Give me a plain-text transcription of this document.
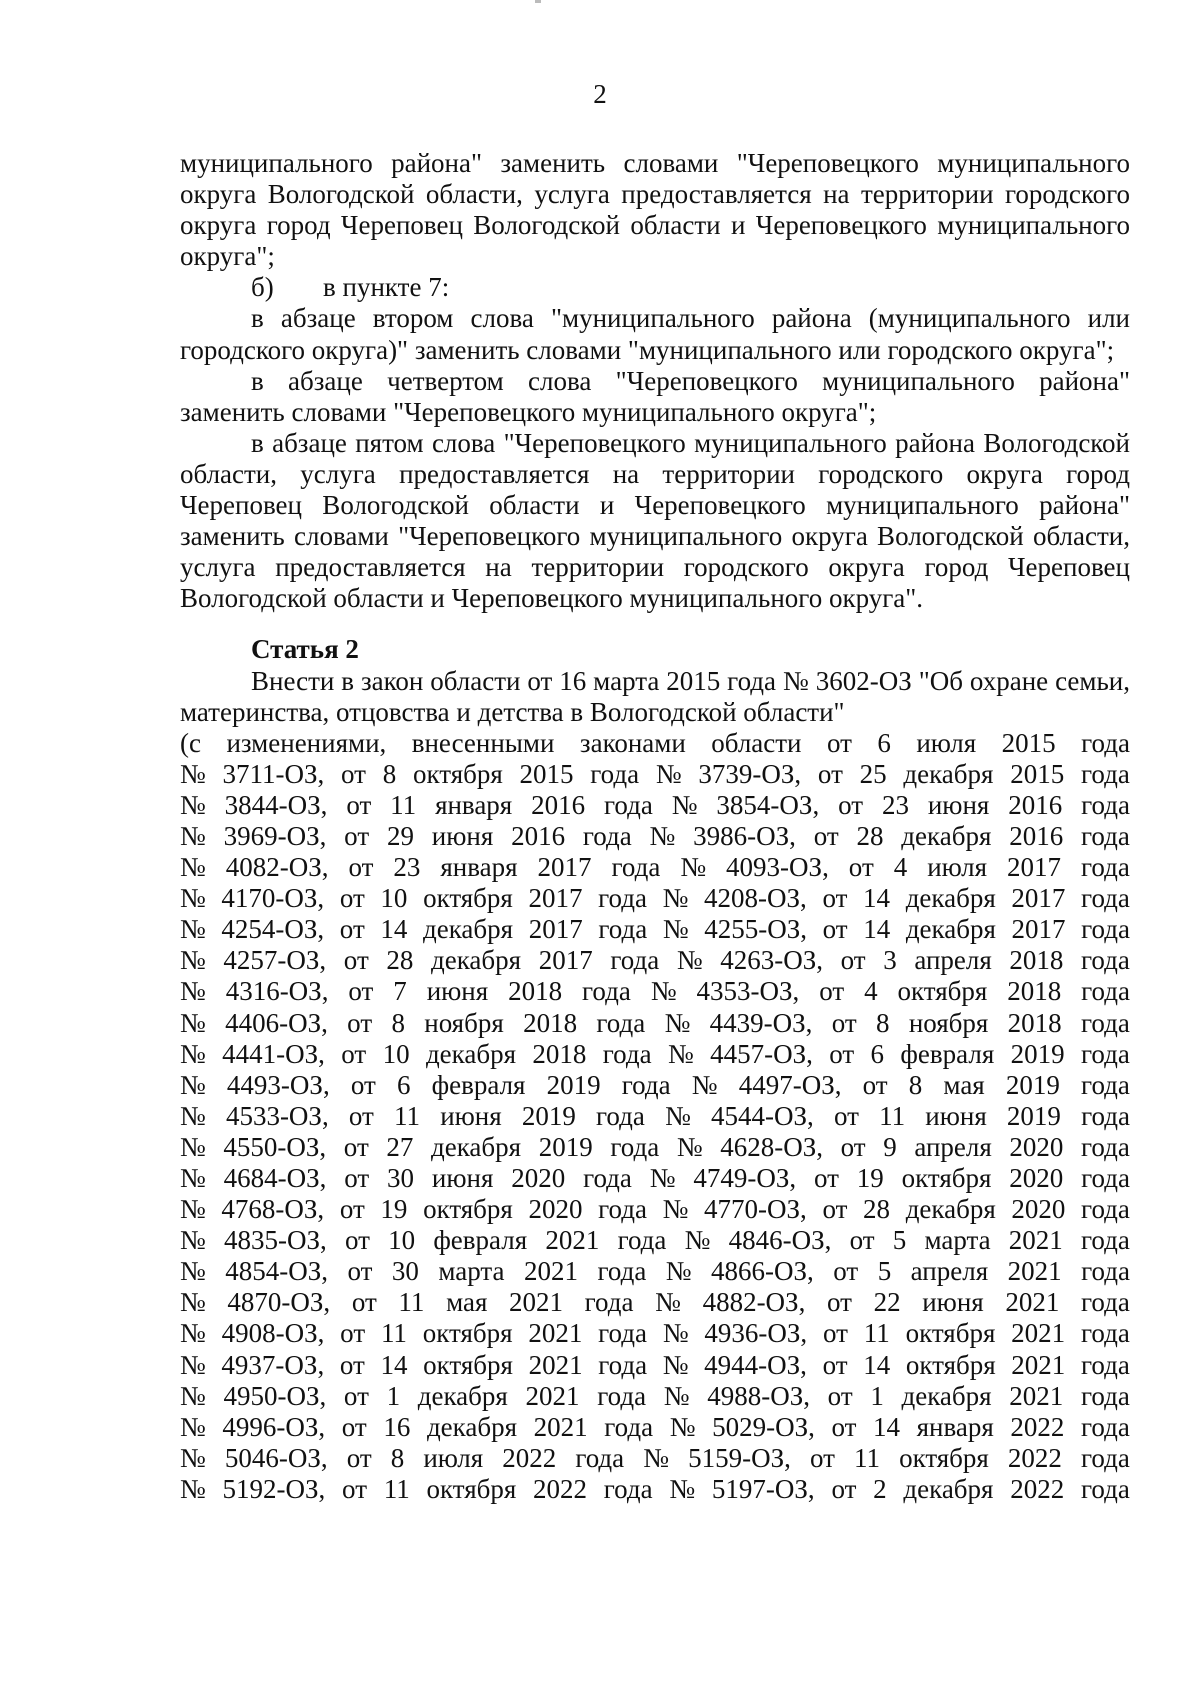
2

муниципального района" заменить словами "Череповецкого муниципального округа Вологодской области, услуга предоставляется на территории городского округа город Череповец Вологодской области и Череповецкого муниципального округа";

б) в пункте 7:

в абзаце втором слова "муниципального района (муниципального или городского округа)" заменить словами "муниципального или городского округа";

в абзаце четвертом слова "Череповецкого муниципального района" заменить словами "Череповецкого муниципального округа";

в абзаце пятом слова "Череповецкого муниципального района Вологодской области, услуга предоставляется на территории городского округа город Череповец Вологодской области и Череповецкого муниципального района" заменить словами "Череповецкого муниципального округа Вологодской области, услуга предоставляется на территории городского округа город Череповец Вологодской области и Череповецкого муниципального округа".

Статья 2

Внести в закон области от 16 марта 2015 года № 3602-ОЗ "Об охране семьи, материнства, отцовства и детства в Вологодской области"

(с изменениями, внесенными законами области от 6 июля 2015 года
№ 3711-ОЗ, от 8 октября 2015 года № 3739-ОЗ, от 25 декабря 2015 года
№ 3844-ОЗ, от 11 января 2016 года № 3854-ОЗ, от 23 июня 2016 года
№ 3969-ОЗ, от 29 июня 2016 года № 3986-ОЗ, от 28 декабря 2016 года
№ 4082-ОЗ, от 23 января 2017 года № 4093-ОЗ, от 4 июля 2017 года
№ 4170-ОЗ, от 10 октября 2017 года № 4208-ОЗ, от 14 декабря 2017 года
№ 4254-ОЗ, от 14 декабря 2017 года № 4255-ОЗ, от 14 декабря 2017 года
№ 4257-ОЗ, от 28 декабря 2017 года № 4263-ОЗ, от 3 апреля 2018 года
№ 4316-ОЗ, от 7 июня 2018 года № 4353-ОЗ, от 4 октября 2018 года
№ 4406-ОЗ, от 8 ноября 2018 года № 4439-ОЗ, от 8 ноября 2018 года
№ 4441-ОЗ, от 10 декабря 2018 года № 4457-ОЗ, от 6 февраля 2019 года
№ 4493-ОЗ, от 6 февраля 2019 года № 4497-ОЗ, от 8 мая 2019 года
№ 4533-ОЗ, от 11 июня 2019 года № 4544-ОЗ, от 11 июня 2019 года
№ 4550-ОЗ, от 27 декабря 2019 года № 4628-ОЗ, от 9 апреля 2020 года
№ 4684-ОЗ, от 30 июня 2020 года № 4749-ОЗ, от 19 октября 2020 года
№ 4768-ОЗ, от 19 октября 2020 года № 4770-ОЗ, от 28 декабря 2020 года
№ 4835-ОЗ, от 10 февраля 2021 года № 4846-ОЗ, от 5 марта 2021 года
№ 4854-ОЗ, от 30 марта 2021 года № 4866-ОЗ, от 5 апреля 2021 года
№ 4870-ОЗ, от 11 мая 2021 года № 4882-ОЗ, от 22 июня 2021 года
№ 4908-ОЗ, от 11 октября 2021 года № 4936-ОЗ, от 11 октября 2021 года
№ 4937-ОЗ, от 14 октября 2021 года № 4944-ОЗ, от 14 октября 2021 года
№ 4950-ОЗ, от 1 декабря 2021 года № 4988-ОЗ, от 1 декабря 2021 года
№ 4996-ОЗ, от 16 декабря 2021 года № 5029-ОЗ, от 14 января 2022 года
№ 5046-ОЗ, от 8 июля 2022 года № 5159-ОЗ, от 11 октября 2022 года
№ 5192-ОЗ, от 11 октября 2022 года № 5197-ОЗ, от 2 декабря 2022 года
